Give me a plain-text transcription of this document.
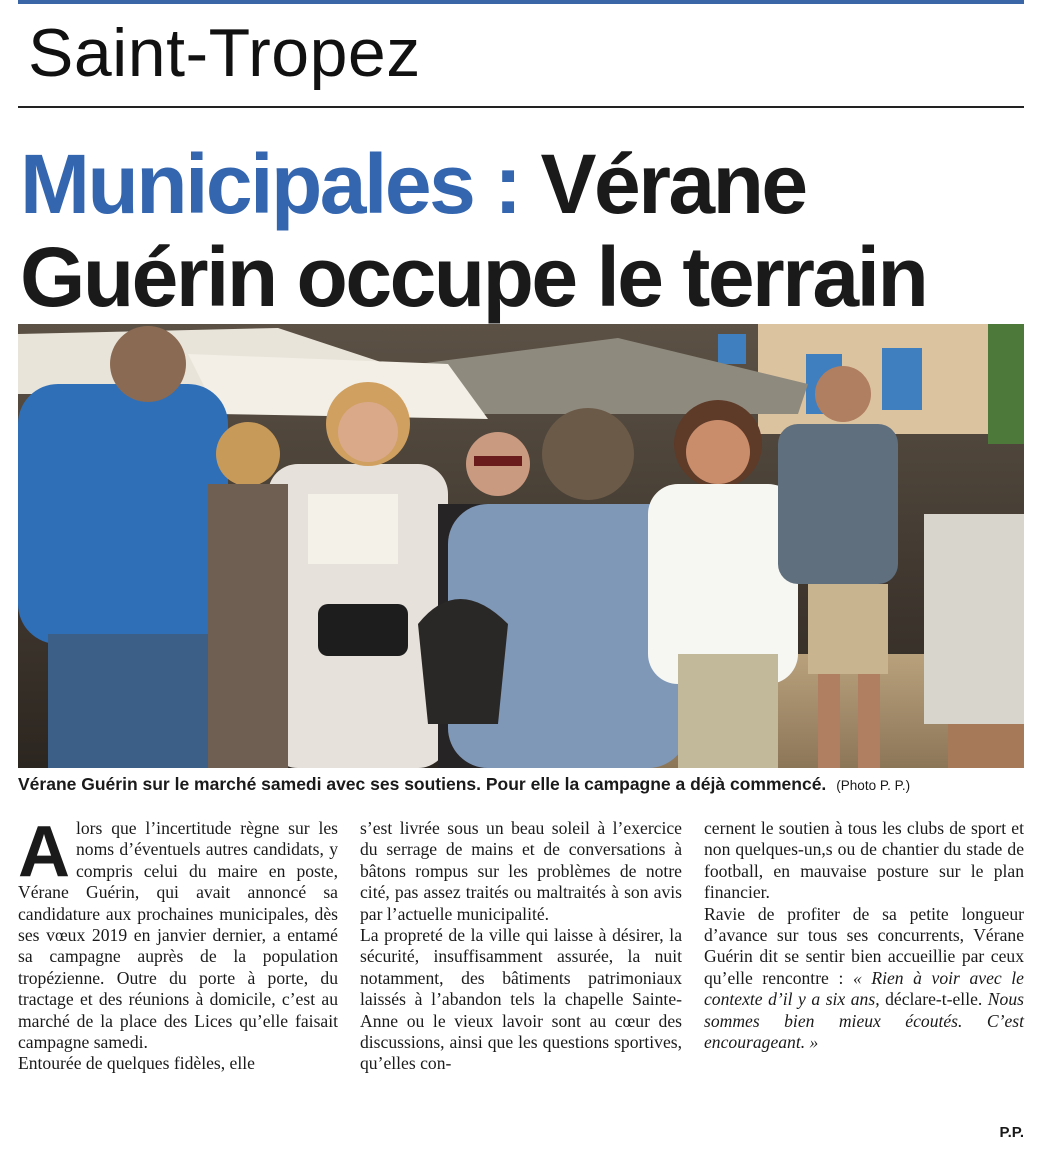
Saint-Tropez
Municipales : Vérane
Guérin occupe le terrain
Vérane Guérin sur le marché samedi avec ses soutiens. Pour elle la campagne a déjà commencé. (Photo P. P.)

Alors que l’incertitude règne sur les noms d’éventuels autres candidats, y compris celui du maire en poste, Vérane Guérin, qui avait annoncé sa candidature aux prochaines municipales, dès ses vœux 2019 en janvier dernier, a entamé sa campagne auprès de la population tropézienne. Outre du porte à porte, du tractage et des réunions à domicile, c’est au marché de la place des Lices qu’elle faisait campagne samedi.

Entourée de quelques fidèles, elle

s’est livrée sous un beau soleil à l’exercice du serrage de mains et de conversations à bâtons rompus sur les problèmes de notre cité, pas assez traités ou maltraités à son avis par l’actuelle municipalité.

La propreté de la ville qui laisse à désirer, la sécurité, insuffisamment assurée, la nuit notamment, des bâtiments patrimoniaux laissés à l’abandon tels la chapelle Sainte-Anne ou le vieux lavoir sont au cœur des discussions, ainsi que les questions sportives, qu’elles con-

cernent le soutien à tous les clubs de sport et non quelques-un,s ou de chantier du stade de football, en mauvaise posture sur le plan financier.

Ravie de profiter de sa petite longueur d’avance sur tous ses concurrents, Vérane Guérin dit se sentir bien accueillie par ceux qu’elle rencontre : « Rien à voir avec le contexte d’il y a six ans, déclare-t-elle. Nous sommes bien mieux écoutés. C’est encourageant. »

P.P.
